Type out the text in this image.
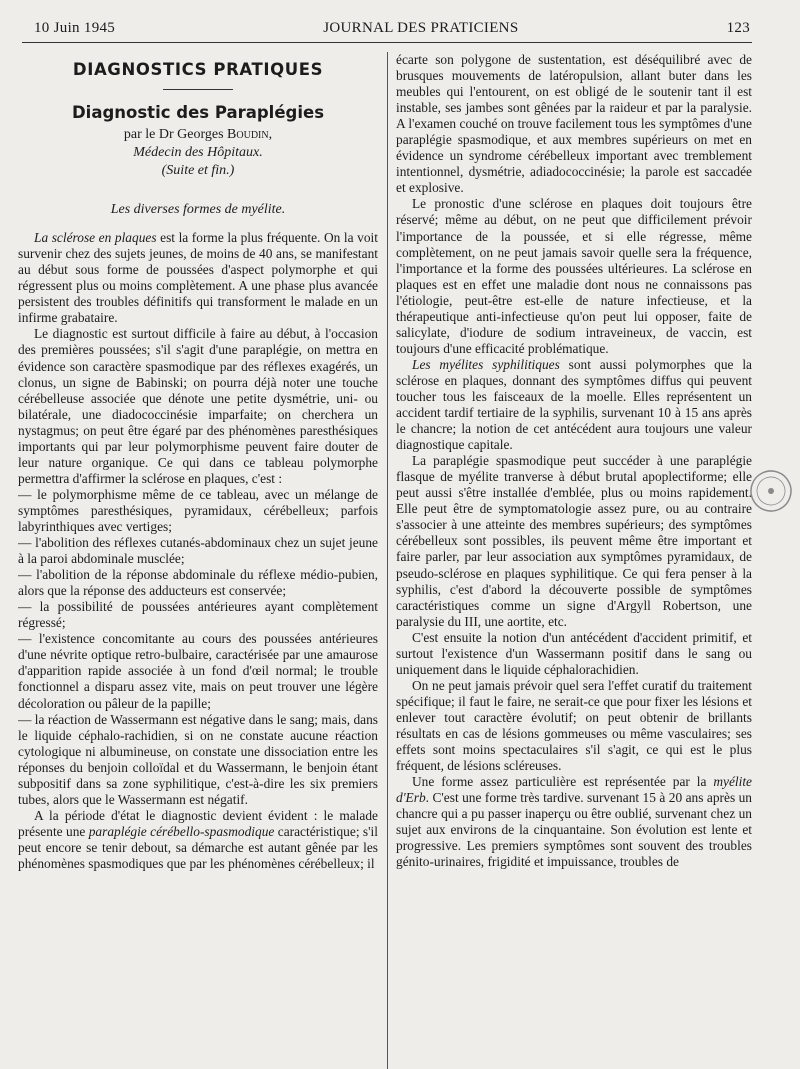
10 Juin 1945	JOURNAL DES PRATICIENS	123
DIAGNOSTICS PRATIQUES
Diagnostic des Paraplégies
par le Dr Georges Boudin,
Médecin des Hôpitaux.
(Suite et fin.)
Les diverses formes de myélite.

La sclérose en plaques est la forme la plus fréquente. On la voit survenir chez des sujets jeunes, de moins de 40 ans, se manifestant au début sous forme de poussées d'aspect polymorphe et qui régressent plus ou moins complètement. A une phase plus avancée persistent des troubles définitifs qui transforment le malade en un infirme grabataire.

Le diagnostic est surtout difficile à faire au début, à l'occasion des premières poussées; s'il s'agit d'une paraplégie, on mettra en évidence son caractère spasmodique par des réflexes exagérés, un clonus, un signe de Babinski; on pourra déjà noter une touche cérébelleuse associée que dénote une petite dysmétrie, uni- ou bilatérale, une diadococcinésie imparfaite; on cherchera un nystagmus; on peut être égaré par des phénomènes paresthésiques importants qui par leur polymorphisme peuvent faire douter de leur nature organique. Ce qui dans ce tableau polymorphe permettra d'affirmer la sclérose en plaques, c'est :

— le polymorphisme même de ce tableau, avec un mélange de symptômes paresthésiques, pyramidaux, cérébelleux; parfois labyrinthiques avec vertiges;

— l'abolition des réflexes cutanés-abdominaux chez un sujet jeune à la paroi abdominale musclée;

— l'abolition de la réponse abdominale du réflexe médio-pubien, alors que la réponse des adducteurs est conservée;

— la possibilité de poussées antérieures ayant complètement régressé;

— l'existence concomitante au cours des poussées antérieures d'une névrite optique retro-bulbaire, caractérisée par une amaurose d'apparition rapide associée à un fond d'œil normal; le trouble fonctionnel a disparu assez vite, mais on peut trouver une légère décoloration ou pâleur de la papille;

— la réaction de Wassermann est négative dans le sang; mais, dans le liquide céphalo-rachidien, si on ne constate aucune réaction cytologique ni albumineuse, on constate une dissociation entre les réponses du benjoin colloïdal et du Wassermann, le benjoin étant subpositif dans sa zone syphilitique, c'est-à-dire les six premiers tubes, alors que le Wassermann est négatif.

A la période d'état le diagnostic devient évident : le malade présente une paraplégie cérébello-spasmodique caractéristique; s'il peut encore se tenir debout, sa démarche est autant gênée par les phénomènes spasmodiques que par les phénomènes cérébelleux; il

écarte son polygone de sustentation, est déséquilibré avec de brusques mouvements de latéropulsion, allant buter dans les meubles qui l'entourent, on est obligé de le soutenir tant il est instable, ses jambes sont gênées par la raideur et par la paralysie. A l'examen couché on trouve facilement tous les symptômes d'une paraplégie spasmodique, et aux membres supérieurs on met en évidence un syndrome cérébelleux important avec tremblement intentionnel, dysmétrie, adiadococcinésie; la parole est saccadée et explosive.

Le pronostic d'une sclérose en plaques doit toujours être réservé; même au début, on ne peut que difficilement prévoir l'importance de la poussée, et si elle régresse, même complètement, on ne peut jamais savoir quelle sera la fréquence, l'importance et la forme des poussées ultérieures. La sclérose en plaques est en effet une maladie dont nous ne connaissons pas l'étiologie, peut-être est-elle de nature infectieuse, et la thérapeutique anti-infectieuse qu'on peut lui opposer, faite de salicylate, d'iodure de sodium intraveineux, de vaccin, est toujours d'une efficacité problématique.

Les myélites syphilitiques sont aussi polymorphes que la sclérose en plaques, donnant des symptômes diffus qui peuvent toucher tous les faisceaux de la moelle. Elles représentent un accident tardif tertiaire de la syphilis, survenant 10 à 15 ans après le chancre; la notion de cet antécédent aura toujours une valeur diagnostique capitale.

La paraplégie spasmodique peut succéder à une paraplégie flasque de myélite tranverse à début brutal apoplectiforme; elle peut aussi s'être installée d'emblée, plus ou moins rapidement. Elle peut être de symptomatologie assez pure, ou au contraire s'associer à une atteinte des membres supérieurs; des symptômes cérébelleux sont possibles, ils peuvent même être important et faire parler, par leur association aux symptômes pyramidaux, de pseudo-sclérose en plaques syphilitique. Ce qui fera penser à la syphilis, c'est d'abord la découverte possible de symptômes caractéristiques comme un signe d'Argyll Robertson, une paralysie du III, une aortite, etc.

C'est ensuite la notion d'un antécédent d'accident primitif, et surtout l'existence d'un Wassermann positif dans le sang ou uniquement dans le liquide céphalorachidien.

On ne peut jamais prévoir quel sera l'effet curatif du traitement spécifique; il faut le faire, ne serait-ce que pour fixer les lésions et enlever tout caractère évolutif; on peut obtenir de brillants résultats en cas de lésions gommeuses ou même vasculaires; ses effets sont moins spectaculaires s'il s'agit, ce qui est le plus fréquent, de lésions scléreuses.

Une forme assez particulière est représentée par la myélite d'Erb. C'est une forme très tardive. survenant 15 à 20 ans après un chancre qui a pu passer inaperçu ou être oublié, survenant chez un sujet aux environs de la cinquantaine. Son évolution est lente et progressive. Les premiers symptômes sont souvent des troubles génito-urinaires, frigidité et impuissance, troubles de
